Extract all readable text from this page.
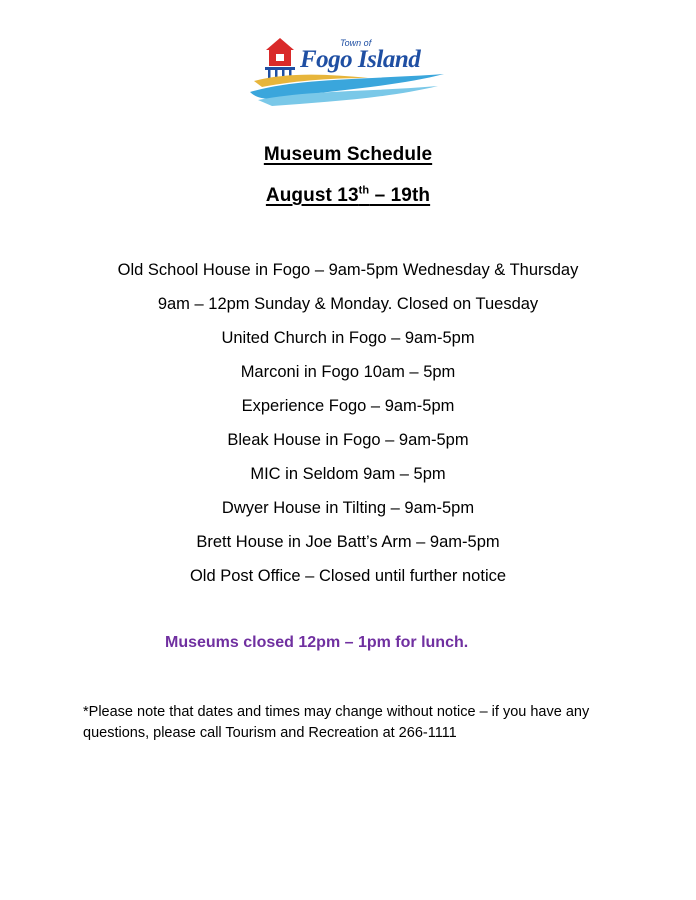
Town of
Fogo Island
Museum Schedule
August 13th – 19th
Old School House in Fogo – 9am-5pm Wednesday & Thursday
9am – 12pm Sunday & Monday. Closed on Tuesday
United Church in Fogo – 9am-5pm
Marconi in Fogo 10am – 5pm
Experience Fogo – 9am-5pm
Bleak House in Fogo – 9am-5pm
MIC in Seldom 9am – 5pm
Dwyer House in Tilting – 9am-5pm
Brett House in Joe Batt’s Arm – 9am-5pm
Old Post Office – Closed until further notice
Museums closed 12pm – 1pm for lunch.
*Please note that dates and times may change without notice – if you have any questions, please call Tourism and Recreation at 266-1111
